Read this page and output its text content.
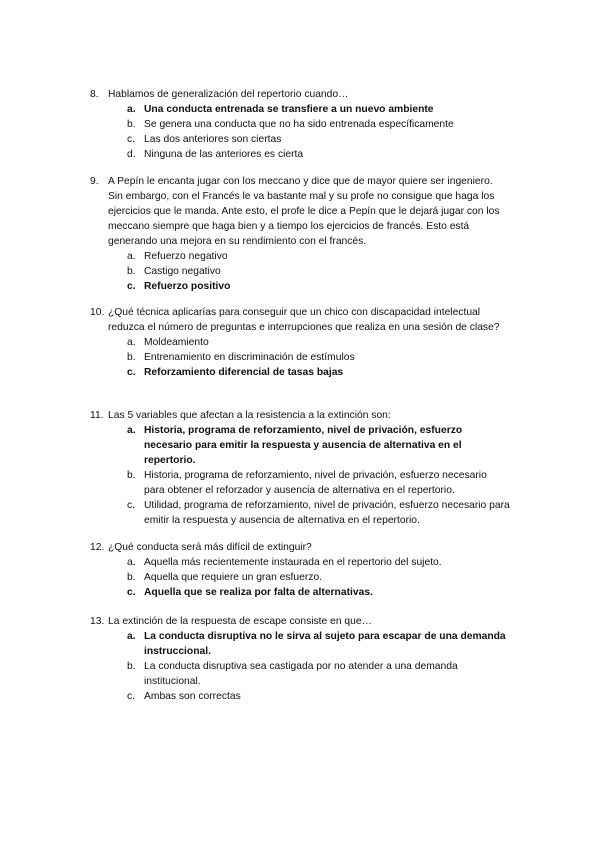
8. Hablamos de generalización del repertorio cuando…
a. Una conducta entrenada se transfiere a un nuevo ambiente
b. Se genera una conducta que no ha sido entrenada específicamente
c. Las dos anteriores son ciertas
d. Ninguna de las anteriores es cierta
9. A Pepín le encanta jugar con los meccano y dice que de mayor quiere ser ingeniero. Sin embargo, con el Francés le va bastante mal y su profe no consigue que haga los ejercicios que le manda. Ante esto, el profe le dice a Pepín que le dejará jugar con los meccano siempre que haga bien y a tiempo los ejercicios de francés. Esto está generando una mejora en su rendimiento con el francés.
a. Refuerzo negativo
b. Castigo negativo
c. Refuerzo positivo
10. ¿Qué técnica aplicarías para conseguir que un chico con discapacidad intelectual reduzca el número de preguntas e interrupciones que realiza en una sesión de clase?
a. Moldeamiento
b. Entrenamiento en discriminación de estímulos
c. Reforzamiento diferencial de tasas bajas
11. Las 5 variables que afectan a la resistencia a la extinción son:
a. Historia, programa de reforzamiento, nivel de privación, esfuerzo necesario para emitir la respuesta y ausencia de alternativa en el repertorio.
b. Historia, programa de reforzamiento, nivel de privación, esfuerzo necesario para obtener el reforzador y ausencia de alternativa en el repertorio.
c. Utilidad, programa de reforzamiento, nivel de privación, esfuerzo necesario para emitir la respuesta y ausencia de alternativa en el repertorio.
12. ¿Qué conducta será más difícil de extinguir?
a. Aquella más recientemente instaurada en el repertorio del sujeto.
b. Aquella que requiere un gran esfuerzo.
c. Aquella que se realiza por falta de alternativas.
13. La extinción de la respuesta de escape consiste en que…
a. La conducta disruptiva no le sirva al sujeto para escapar de una demanda instruccional.
b. La conducta disruptiva sea castigada por no atender a una demanda institucional.
c. Ambas son correctas
